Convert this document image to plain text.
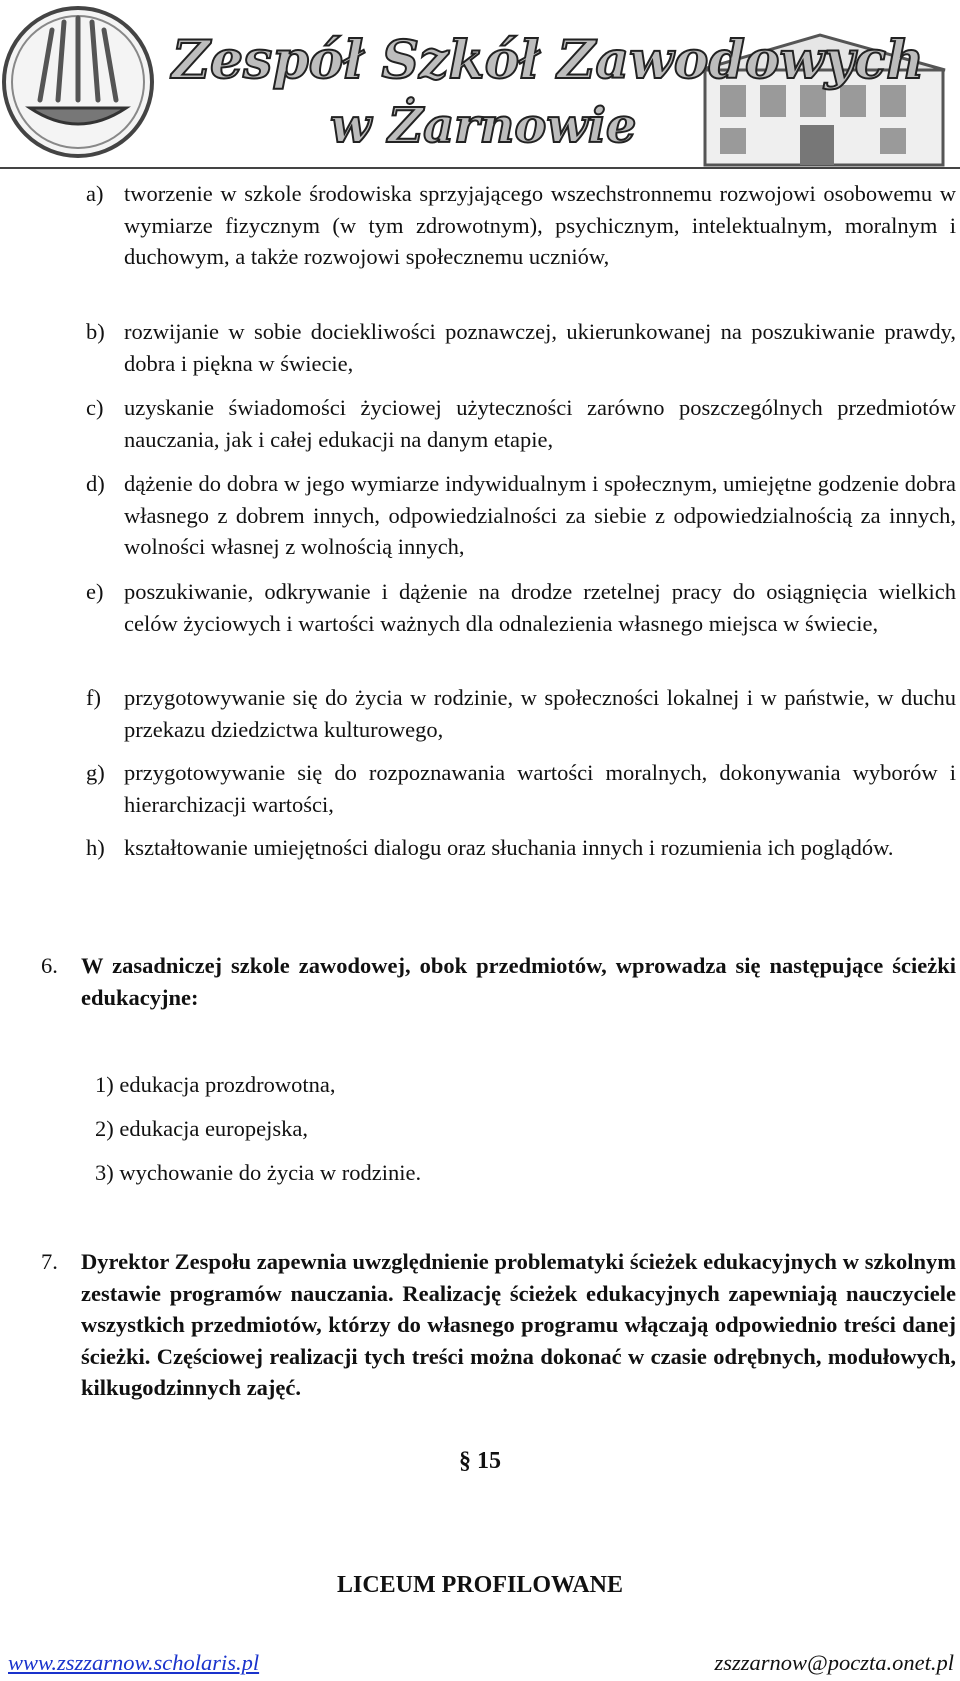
Zespół Szkół Zawodowych
w Żarnowie
a) tworzenie w szkole środowiska sprzyjającego wszechstronnemu rozwojowi osobowemu w wymiarze fizycznym (w tym zdrowotnym), psychicznym, intelektualnym, moralnym i duchowym, a także rozwojowi społecznemu uczniów,
b) rozwijanie w sobie dociekliwości poznawczej, ukierunkowanej na poszukiwanie prawdy, dobra i piękna w świecie,
c) uzyskanie świadomości życiowej użyteczności zarówno poszczególnych przedmiotów nauczania, jak i całej edukacji na danym etapie,
d) dążenie do dobra w jego wymiarze indywidualnym i społecznym, umiejętne godzenie dobra własnego z dobrem innych, odpowiedzialności za siebie z odpowiedzialnością za innych, wolności własnej z wolnością innych,
e) poszukiwanie, odkrywanie i dążenie na drodze rzetelnej pracy do osiągnięcia wielkich celów życiowych i wartości ważnych dla odnalezienia własnego miejsca w świecie,
f) przygotowywanie się do życia w rodzinie, w społeczności lokalnej i w państwie, w duchu przekazu dziedzictwa kulturowego,
g) przygotowywanie się do rozpoznawania wartości moralnych, dokonywania wyborów i hierarchizacji wartości,
h) kształtowanie umiejętności dialogu oraz słuchania innych i rozumienia ich poglądów.
6. W zasadniczej szkole zawodowej, obok przedmiotów, wprowadza się następujące ścieżki edukacyjne:
1) edukacja prozdrowotna,
2) edukacja europejska,
3) wychowanie do życia w rodzinie.
7. Dyrektor Zespołu zapewnia uwzględnienie problematyki ścieżek edukacyjnych w szkolnym zestawie programów nauczania. Realizację ścieżek edukacyjnych zapewniają nauczyciele wszystkich przedmiotów, którzy do własnego programu włączają odpowiednio treści danej ścieżki. Częściowej realizacji tych treści można dokonać w czasie odrębnych, modułowych, kilkugodzinnych zajęć.
§ 15
LICEUM PROFILOWANE
www.zszzarnow.scholaris.pl	zszzarnow@poczta.onet.pl
